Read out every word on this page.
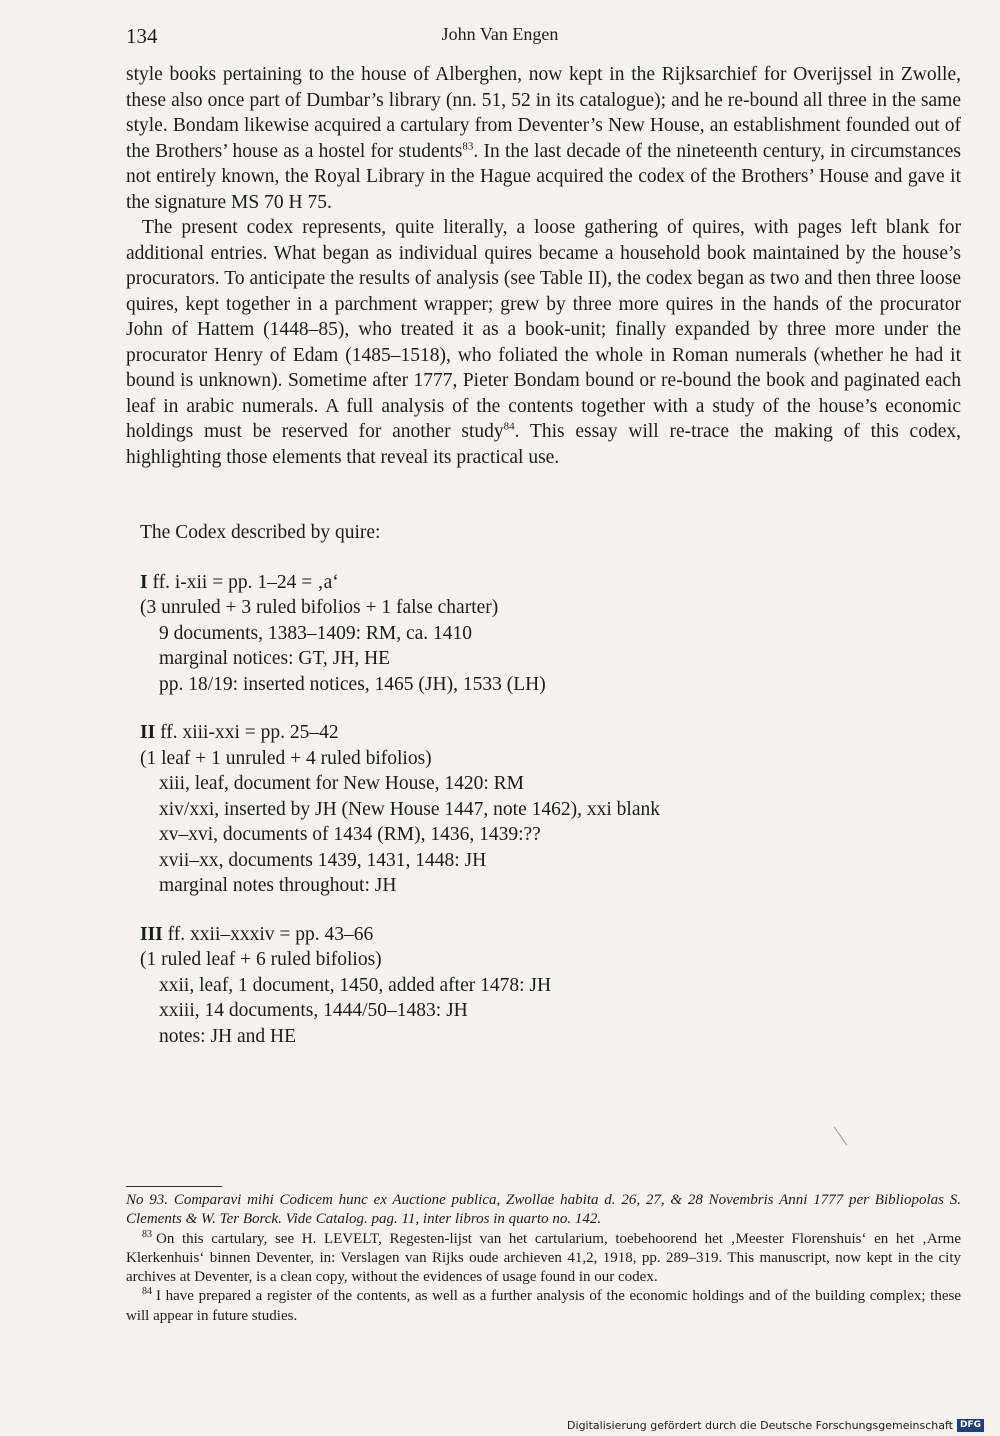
134	John Van Engen

style books pertaining to the house of Alberghen, now kept in the Rijksarchief for Overijssel in Zwolle, these also once part of Dumbar’s library (nn. 51, 52 in its catalogue); and he re-bound all three in the same style. Bondam likewise acquired a cartulary from Deventer’s New House, an establishment founded out of the Brothers’ house as a hostel for students$^{83}$. In the last decade of the nineteenth century, in circumstances not entirely known, the Royal Library in the Hague acquired the codex of the Brothers’ House and gave it the signature MS 70 H 75.

The present codex represents, quite literally, a loose gathering of quires, with pages left blank for additional entries. What began as individual quires became a household book maintained by the house’s procurators. To anticipate the results of analysis (see Table II), the codex began as two and then three loose quires, kept together in a parchment wrapper; grew by three more quires in the hands of the procurator John of Hattem (1448–85), who treated it as a book-unit; finally expanded by three more under the procurator Henry of Edam (1485–1518), who foliated the whole in Roman numerals (whether he had it bound is unknown). Sometime after 1777, Pieter Bondam bound or re-bound the book and paginated each leaf in arabic numerals. A full analysis of the contents together with a study of the house’s economic holdings must be reserved for another study$^{84}$. This essay will re-trace the making of this codex, highlighting those elements that reveal its practical use.

The Codex described by quire:

I ff. i-xii = pp. 1–24 = ‚a‘

(3 unruled + 3 ruled bifolios + 1 false charter)

9 documents, 1383–1409: RM, ca. 1410

marginal notices: GT, JH, HE

pp. 18/19: inserted notices, 1465 (JH), 1533 (LH)

II ff. xiii-xxi = pp. 25–42

(1 leaf + 1 unruled + 4 ruled bifolios)

xiii, leaf, document for New House, 1420: RM

xiv/xxi, inserted by JH (New House 1447, note 1462), xxi blank

xv–xvi, documents of 1434 (RM), 1436, 1439:??

xvii–xx, documents 1439, 1431, 1448: JH

marginal notes throughout: JH

III ff. xxii–xxxiv = pp. 43–66

(1 ruled leaf + 6 ruled bifolios)

xxii, leaf, 1 document, 1450, added after 1478: JH

xxiii, 14 documents, 1444/50–1483: JH

notes: JH and HE

No 93. Comparavi mihi Codicem hunc ex Auctione publica, Zwollae habita d. 26, 27, & 28 Novembris Anni 1777 per Bibliopolas S. Clements & W. Ter Borck. Vide Catalog. pag. 11, inter libros in quarto no. 142.

$^{83}$ On this cartulary, see H. LEVELT, Regesten-lijst van het cartularium, toebehoorend het ‚Meester Florenshuis‘ en het ‚Arme Klerkenhuis‘ binnen Deventer, in: Verslagen van Rijks oude archieven 41,2, 1918, pp. 289–319. This manuscript, now kept in the city archives at Deventer, is a clean copy, without the evidences of usage found in our codex.

$^{84}$ I have prepared a register of the contents, as well as a further analysis of the economic holdings and of the building complex; these will appear in future studies.

Digitalisierung gefördert durch die Deutsche Forschungsgemeinschaft DFG
